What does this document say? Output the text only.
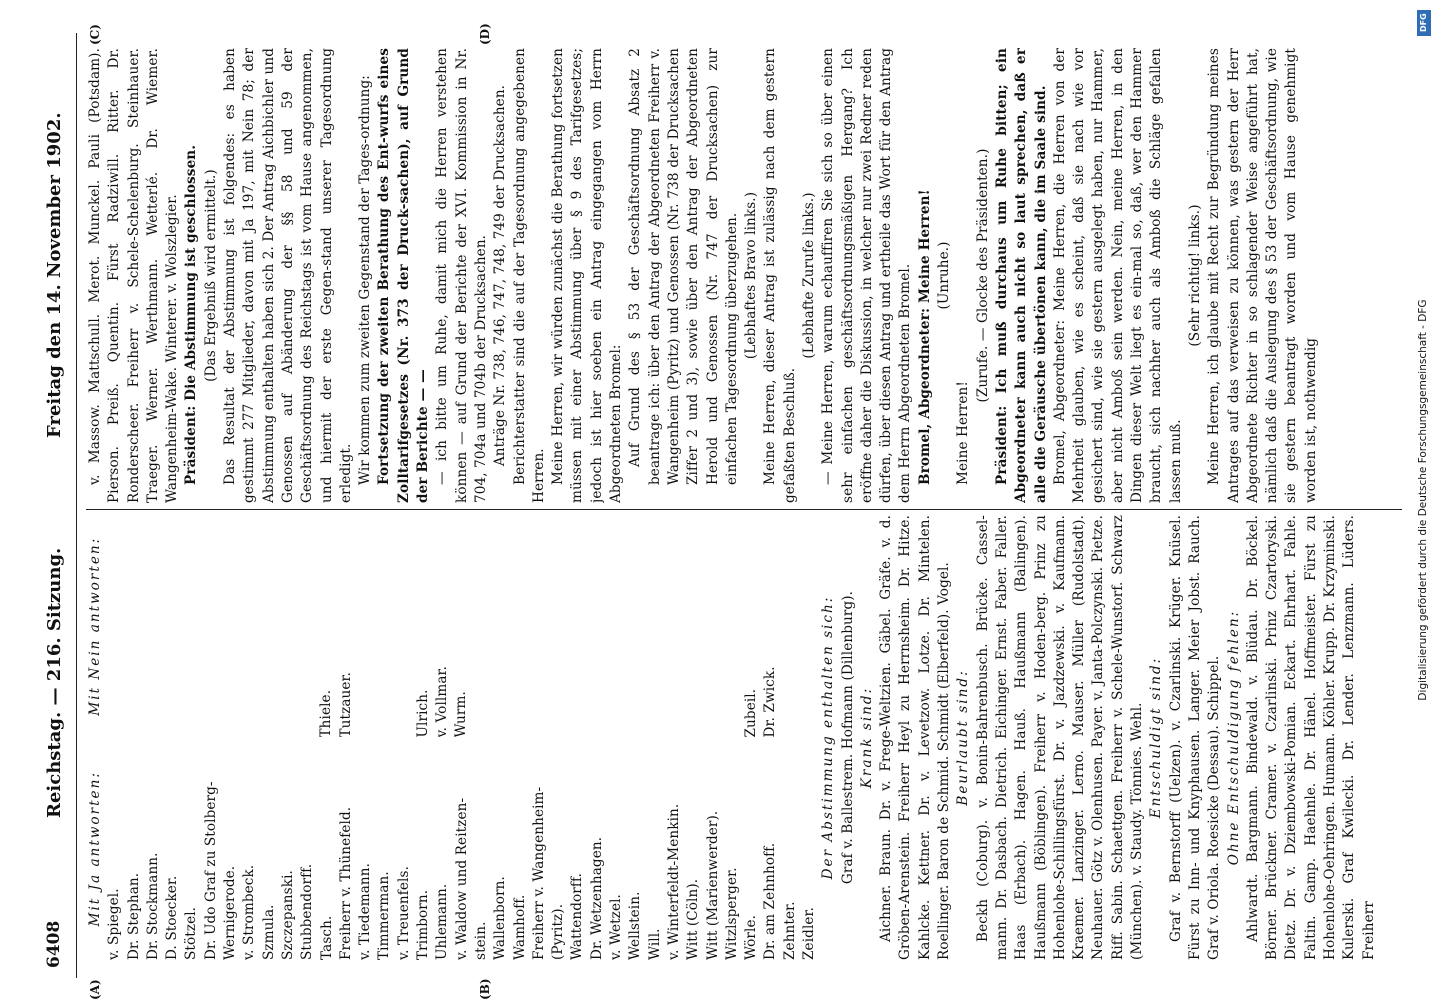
6408
Reichstag. — 216. Sitzung.
Freitag den 14. November 1902.
(A)	(B)
(C)	(D)
Mit Ja antworten:
Mit Nein antworten:
v. Spiegel. Dr. Stephan. Dr. Stockmann. D. Stoecker. Stötzel. Dr. Udo Graf zu Stolberg- Wernigerode. v. Strombeck. Szmula. Szczepanski. Stubbendorff. Tasch. Freiherr v. Thünefeld. v. Tiedemann. Timmerman. v. Treuenfels. Trimborn. Uhlemann. v. Waldow und Reitzen- stein. Wallenborn. Wamhoff. Freiherr v. Wangenheim- (Pyritz). Wattendorff. Dr. Wetzenhagen. v. Wetzel. Wellstein. Will. v. Winterfeldt-Menkin. Witt (Cöln). Witt (Marienwerder). Witzlsperger. Wörle. Dr. am Zehnhoff. Zehnter. Zeidler.
Thiele. Tutzauer.	Ulrich. v. Vollmar. Wurm.	Zubeil. Dr. Zwick.	Der Abstimmung enthalten sich: Graf v. Ballestrem. Hofmann (Dillenburg). Krank sind: Aichner. Braun. Dr. v. Frege-Weltzien. Gäbel. Gräfe. v. d. Gröben-Arenstein. Freiherr Heyl zu Herrnsheim. Dr. Hitze. Kahlcke. Kettner. Dr. v. Levetzow. Lotze. Dr. Mintelen. Roellinger. Baron de Schmid. Schmidt (Elberfeld). Vogel. Beurlaubt sind: Beckh (Coburg). v. Bonin-Bahrenbusch. Brücke. Cassel-mann. Dr. Dasbach. Dietrich. Eichinger. Ernst. Faber. Faller. Haas (Erbach). Hagen. Hauß. Haußmann (Balingen). Haußmann (Böblingen). Freiherr v. Hoden-berg. Prinz zu Hohenlohe-Schillingsfürst. Dr. v. Jazdzewski. v. Kaufmann. Kraemer. Lanzinger. Lerno. Mauser. Müller (Rudolstadt). Neuhauer. Götz v. Olenhusen. Payer. v. Janta-Polczynski. Pietze. Riff. Sabin. Schaettgen. Freiherr v. Schele-Wunstorf. Schwarz (München). v. Staudy. Tönnies. Wehl. Entschuldigt sind: Graf v. Bernstorff (Uelzen). v. Czarlinski. Krüger. Knüsel. Fürst zu Inn- und Knyphausen. Langer. Meier Jobst. Rauch. Graf v. Oriola. Roesicke (Dessau). Schippel. Ohne Entschuldigung fehlen: Ahlwardt. Bargmann. Bindewald. v. Blüdau. Dr. Böckel. Börner. Brückner. Cramer. v. Czarlinski. Prinz Czartoryski. Dietz. Dr. v. Dziembowski-Pomian. Eckart. Ehrhart. Fahle. Faltin. Gamp. Haehnle. Dr. Hänel. Hoffmeister. Fürst zu Hohenlohe-Oehringen. Humann. Köhler. Krupp. Dr. Krzyminski. Kulerski. Graf Kwilecki. Dr. Lender. Lenzmann. Lüders. Freiherr
v. Massow. Mattschull. Merot. Munckel. Pauli (Potsdam). Pierson. Preiß. Quentin. Fürst Radziwill. Ritter. Dr. Ronderscheer. Freiherr v. Schele-Schelenburg. Steinhauer. Traeger. Werner. Werthmann. Wetterlé. Dr. Wiemer. Wangenheim-Wake. Winterer. v. Wolszlegier. Präsident: Die Abstimmung ist geschlossen. (Das Ergebniß wird ermittelt.) Das Resultat der Abstimmung ist folgendes: es haben gestimmt 277 Mitglieder, davon mit Ja 197, mit Nein 78; der Abstimmung enthalten haben sich 2. Der Antrag Aichbichler und Genossen auf Abänderung der §§ 58 und 59 der Geschäftsordnung des Reichstags ist vom Hause angenommen, und hiermit der erste Gegen-stand unserer Tagesordnung erledigt. Wir kommen zum zweiten Gegenstand der Tages-ordnung: Fortsetzung der zweiten Berathung des Ent-wurfs eines Zolltarifgesetzes (Nr. 373 der Druck-sachen), auf Grund der Berichte — — — ich bitte um Ruhe, damit mich die Herren verstehen können — auf Grund der Berichte der XVI. Kommission in Nr. 704, 704a und 704b der Drucksachen. Anträge Nr. 738, 746, 747, 748, 749 der Drucksachen. Berichterstatter sind die auf der Tagesordnung angegebenen Herren. Meine Herren, wir würden zunächst die Berathung fortsetzen müssen mit einer Abstimmung über § 9 des Tarifgesetzes; jedoch ist hier soeben ein Antrag eingegangen vom Herrn Abgeordneten Bromel: Auf Grund des § 53 der Geschäftsordnung Absatz 2 beantrage ich: über den Antrag der Abgeordneten Freiherr v. Wangenheim (Pyritz) und Genossen (Nr. 738 der Drucksachen Ziffer 2 und 3), sowie über den Antrag der Abgeordneten Herold und Genossen (Nr. 747 der Drucksachen) zur einfachen Tagesordnung überzugehen. (Lebhaftes Bravo links.) Meine Herren, dieser Antrag ist zulässig nach dem gestern gefaßten Beschluß.
(Lebhafte Zurufe links.) — Meine Herren, warum echauffiren Sie sich so über einen sehr einfachen geschäftsordnungsmäßigen Hergang? Ich eröffne daher die Diskussion, in welcher nur zwei Redner reden dürfen, über diesen Antrag und ertheile das Wort für den Antrag dem Herrn Abgeordneten Bromel. Bromel, Abgeordneter: Meine Herren! (Unruhe.)
Meine Herren!
(Zurufe. — Glocke des Präsidenten.) Präsident: Ich muß durchaus um Ruhe bitten; ein Abgeordneter kann auch nicht so laut sprechen, daß er alle die Geräusche übertönen kann, die im Saale sind. Bromel, Abgeordneter: Meine Herren, die Herren von der Mehrheit glauben, wie es scheint, daß sie nach wie vor gesichert sind, wie sie gestern ausgelegt haben, nur Hammer, aber nicht Amboß sein werden. Nein, meine Herren, in den Dingen dieser Welt liegt es ein-mal so, daß, wer den Hammer braucht, sich nachher auch als Amboß die Schläge gefallen lassen muß.
(Sehr richtig! links.) Meine Herren, ich glaube mit Recht zur Begründung meines Antrages auf das verweisen zu können, was gestern der Herr Abgeordnete Richter in so schlagender Weise angeführt hat, nämlich daß die Auslegung des § 53 der Geschäftsordnung, wie sie gestern beantragt worden und vom Hause genehmigt worden ist, nothwendig	Digitalisierung gefördert durch die Deutsche Forschungsgemeinschaft - DFG
DFG
